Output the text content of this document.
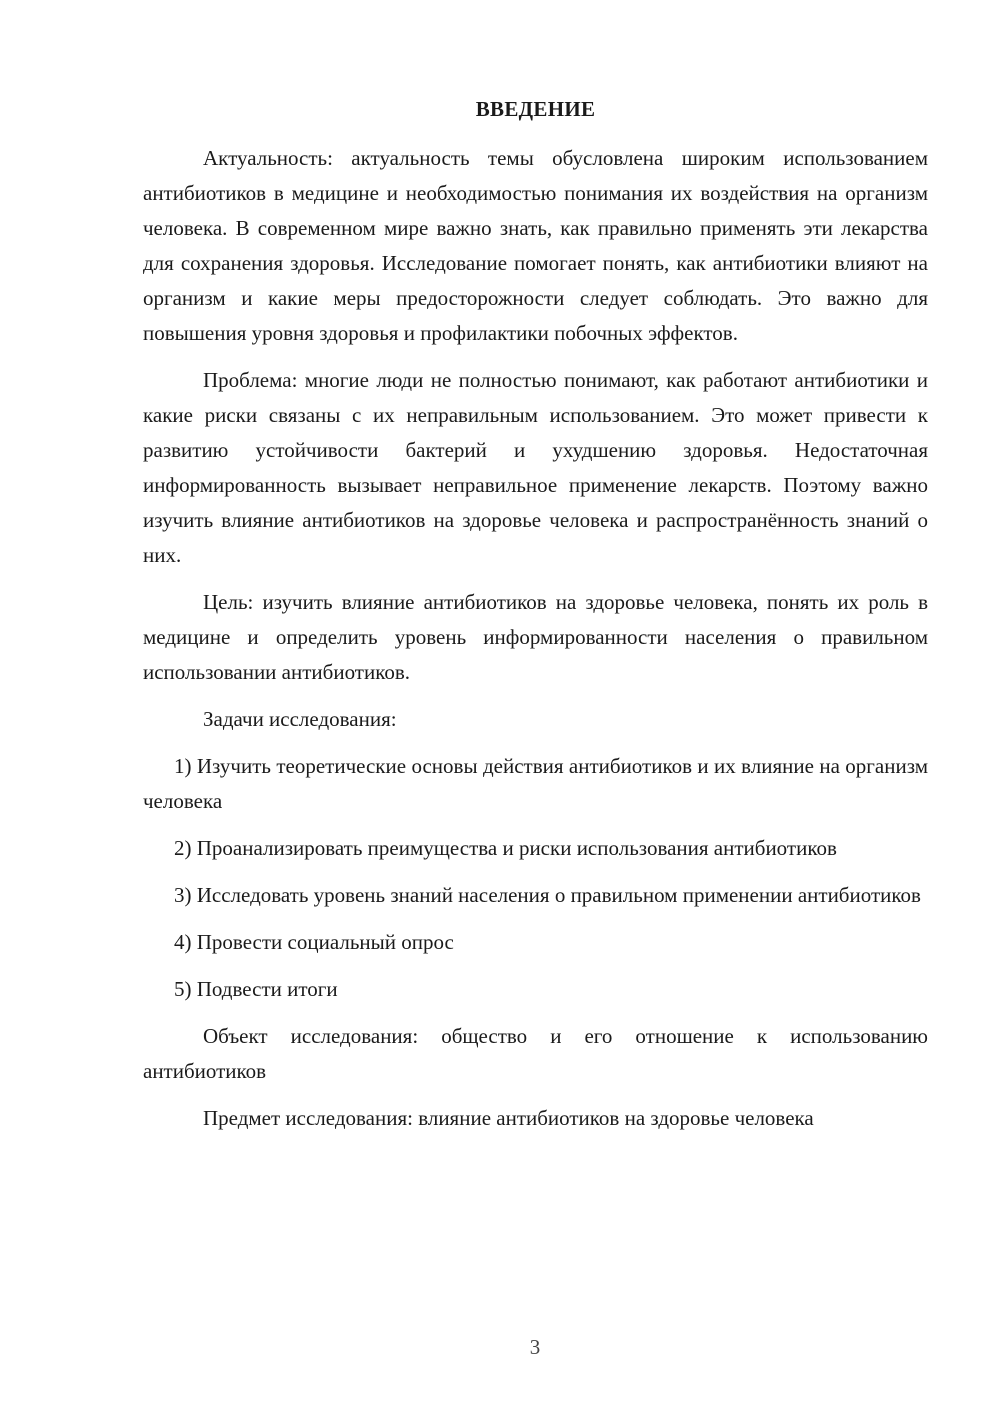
ВВЕДЕНИЕ

Актуальность: актуальность темы обусловлена широким использованием антибиотиков в медицине и необходимостью понимания их воздействия на организм человека. В современном мире важно знать, как правильно применять эти лекарства для сохранения здоровья. Исследование помогает понять, как антибиотики влияют на организм и какие меры предосторожности следует соблюдать. Это важно для повышения уровня здоровья и профилактики побочных эффектов.

Проблема: многие люди не полностью понимают, как работают антибиотики и какие риски связаны с их неправильным использованием. Это может привести к развитию устойчивости бактерий и ухудшению здоровья. Недостаточная информированность вызывает неправильное применение лекарств. Поэтому важно изучить влияние антибиотиков на здоровье человека и распространённость знаний о них.

Цель: изучить влияние антибиотиков на здоровье человека, понять их роль в медицине и определить уровень информированности населения о правильном использовании антибиотиков.

Задачи исследования:

1) Изучить теоретические основы действия антибиотиков и их влияние на организм человека

2) Проанализировать преимущества и риски использования антибиотиков

3) Исследовать уровень знаний населения о правильном применении антибиотиков

4) Провести социальный опрос

5) Подвести итоги

Объект исследования: общество и его отношение к использованию антибиотиков

Предмет исследования: влияние антибиотиков на здоровье человека

3
